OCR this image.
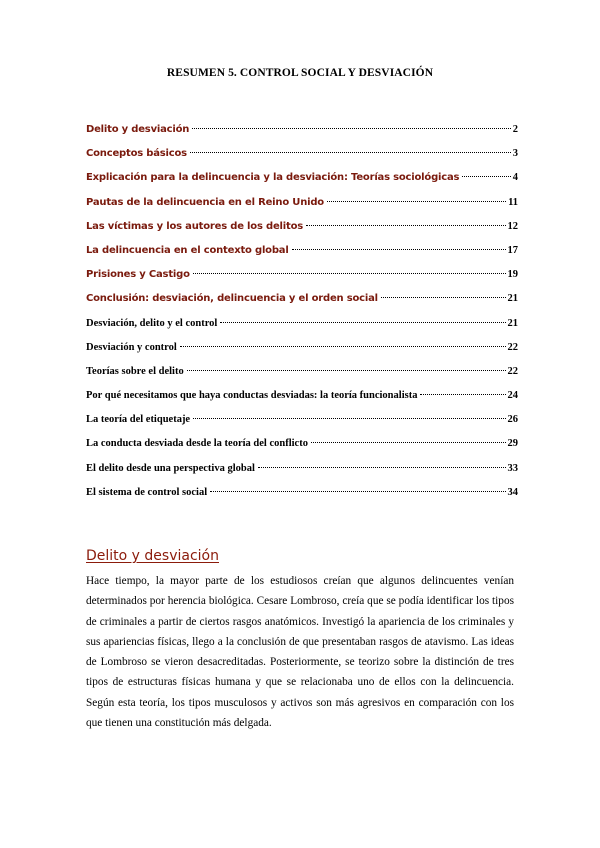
RESUMEN 5. CONTROL SOCIAL Y DESVIACIÓN
Delito y desviación	2
Conceptos básicos	3
Explicación para la delincuencia y la desviación: Teorías sociológicas	4
Pautas de la delincuencia en el Reino Unido	11
Las víctimas y los autores de los delitos	12
La delincuencia en el contexto global	17
Prisiones y Castigo	19
Conclusión: desviación, delincuencia y el orden social	21
Desviación, delito y el control	21
Desviación y control	22
Teorías sobre el delito	22
Por qué necesitamos que haya conductas desviadas: la teoría funcionalista	24
La teoría del etiquetaje	26
La conducta desviada desde la teoría del conflicto	29
El delito desde una perspectiva global	33
El sistema de control social	34
Delito y desviación

Hace tiempo, la mayor parte de los estudiosos creían que algunos delincuentes venían determinados por herencia biológica. Cesare Lombroso, creía que se podía identificar los tipos de criminales a partir de ciertos rasgos anatómicos. Investigó la apariencia de los criminales y sus apariencias físicas, llego a la conclusión de que presentaban rasgos de atavismo. Las ideas de Lombroso se vieron desacreditadas. Posteriormente, se teorizo sobre la distinción de tres tipos de estructuras físicas humana y que se relacionaba uno de ellos con la delincuencia. Según esta teoría, los tipos musculosos y activos son más agresivos en comparación con los que tienen una constitución más delgada.
